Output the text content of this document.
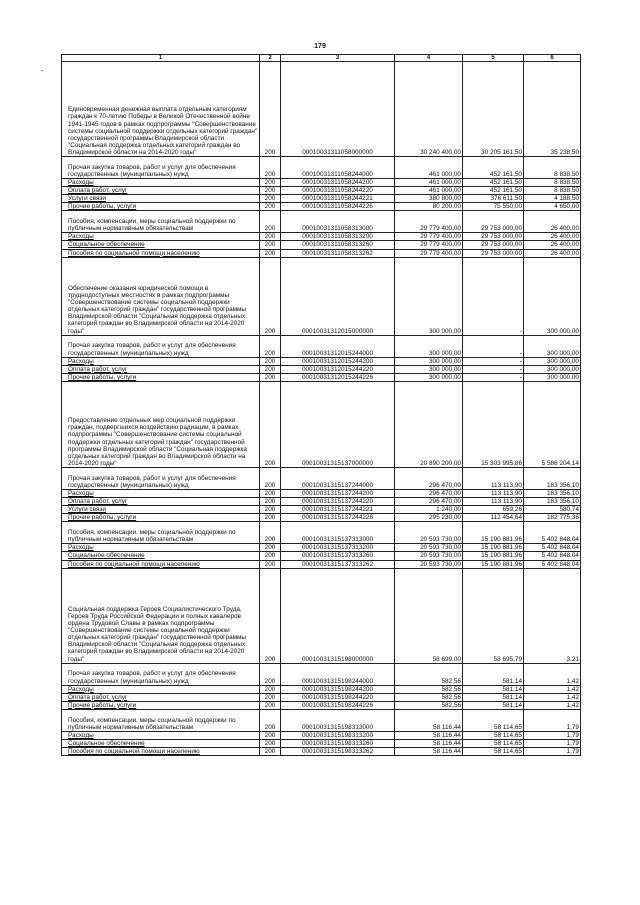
179
-
1	2	3	4	5	6
Единовременная денежная выплата отдельным категориям граждан к 70-летию Победы в Великой Отечественной войне 1941-1945 годов в рамках подпрограммы "Совершенствование системы социальной поддержки отдельных категорий граждан" государственной программы Владимирской области "Социальная поддержка отдельных категорий граждан во Владимирской области на 2014-2020 годы"	200	00010031311058000000	30 240 400,00	30 205 161,50	35 238,50
Прочая закупка товаров, работ и услуг для обеспечения государственных (муниципальных) нужд	200	00010031311058244000	461 000,00	452 161,50	8 838,50
Расходы	200	00010031311058244200	461 000,00	452 161,50	8 838,50
Оплата работ, услуг	200	00010031311058244220	461 000,00	452 161,50	8 838,50
Услуги связи	200	00010031311058244221	380 800,00	376 611,50	4 188,50
Прочие работы, услуги	200	00010031311058244226	80 200,00	75 550,00	4 650,00
Пособия, компенсации, меры социальной поддержки по публичным нормативным обязательствам	200	00010031311058313000	29 779 400,00	29 753 000,00	26 400,00
Расходы	200	00010031311058313200	29 779 400,00	29 753 000,00	26 400,00
Социальное обеспечение	200	00010031311058313260	29 779 400,00	29 753 000,00	26 400,00
Пособия по социальной помощи населению	200	00010031311058313262	29 779 400,00	29 753 000,00	26 400,00
Обеспечение оказания юридической помощи в труднодоступных местностях в рамках подпрограммы "Совершенствование системы социальной поддержки отдельных категорий граждан" государственной программы Владимирской области "Социальная поддержка отдельных категорий граждан во Владимирской области на 2014-2020 годы"	200	00010031312015000000	300 000,00	-	300 000,00
Прочая закупка товаров, работ и услуг для обеспечения государственных (муниципальных) нужд	200	00010031312015244000	300 000,00	-	300 000,00
Расходы	200	00010031312015244200	300 000,00	-	300 000,00
Оплата работ, услуг	200	00010031312015244220	300 000,00	-	300 000,00
Прочие работы, услуги	200	00010031312015244226	300 000,00	-	300 000,00
Предоставление отдельных мер социальной поддержки граждан, подвергшихся воздействию радиации, в рамках подпрограммы "Совершенствование системы социальной поддержки отдельных категорий граждан" государственной программы Владимирской области "Социальная поддержка отдельных категорий граждан во Владимирской области на 2014-2020 годы"	200	00010031315137000000	20 890 200,00	15 303 995,86	5 586 204,14
Прочая закупка товаров, работ и услуг для обеспечения государственных (муниципальных) нужд	200	00010031315137244000	296 470,00	113 113,90	183 356,10
Расходы	200	00010031315137244200	296 470,00	113 113,90	183 356,10
Оплата работ, услуг	200	00010031315137244220	296 470,00	113 113,90	183 356,10
Услуги связи	200	00010031315137244221	1 240,00	659,26	580,74
Прочие работы, услуги	200	00010031315137244226	295 230,00	112 454,64	182 775,36
Пособия, компенсации, меры социальной поддержки по публичным нормативным обязательствам	200	00010031315137313000	20 593 730,00	15 190 881,96	5 402 848,04
Расходы	200	00010031315137313200	20 593 730,00	15 190 881,96	5 402 848,04
Социальное обеспечение	200	00010031315137313260	20 593 730,00	15 190 881,96	5 402 848,04
Пособия по социальной помощи населению	200	00010031315137313262	20 593 730,00	15 190 881,96	5 402 848,04
Социальная поддержка Героев Социалистического Труда, Героев Труда Российской Федерации и полных кавалеров ордена Трудовой Славы в рамках подпрограммы "Совершенствование системы социальной поддержки отдельных категорий граждан" государственной программы Владимирской области "Социальная поддержка отдельных категорий граждан во Владимирской области на 2014-2020 годы"	200	00010031315198000000	58 699,00	58 695,79	3,21
Прочая закупка товаров, работ и услуг для обеспечения государственных (муниципальных) нужд	200	00010031315198244000	582,56	581,14	1,42
Расходы	200	00010031315198244200	582,56	581,14	1,42
Оплата работ, услуг	200	00010031315198244220	582,56	581,14	1,42
Прочие работы, услуги	200	00010031315198244226	582,56	581,14	1,42
Пособия, компенсации, меры социальной поддержки по публичным нормативным обязательствам	200	00010031315198313000	58 116,44	58 114,65	1,79
Расходы	200	00010031315198313200	58 116,44	58 114,65	1,79
Социальное обеспечение	200	00010031315198313260	58 116,44	58 114,65	1,79
Пособия по социальной помощи населению	200	00010031315198313262	58 116,44	58 114,65	1,79
